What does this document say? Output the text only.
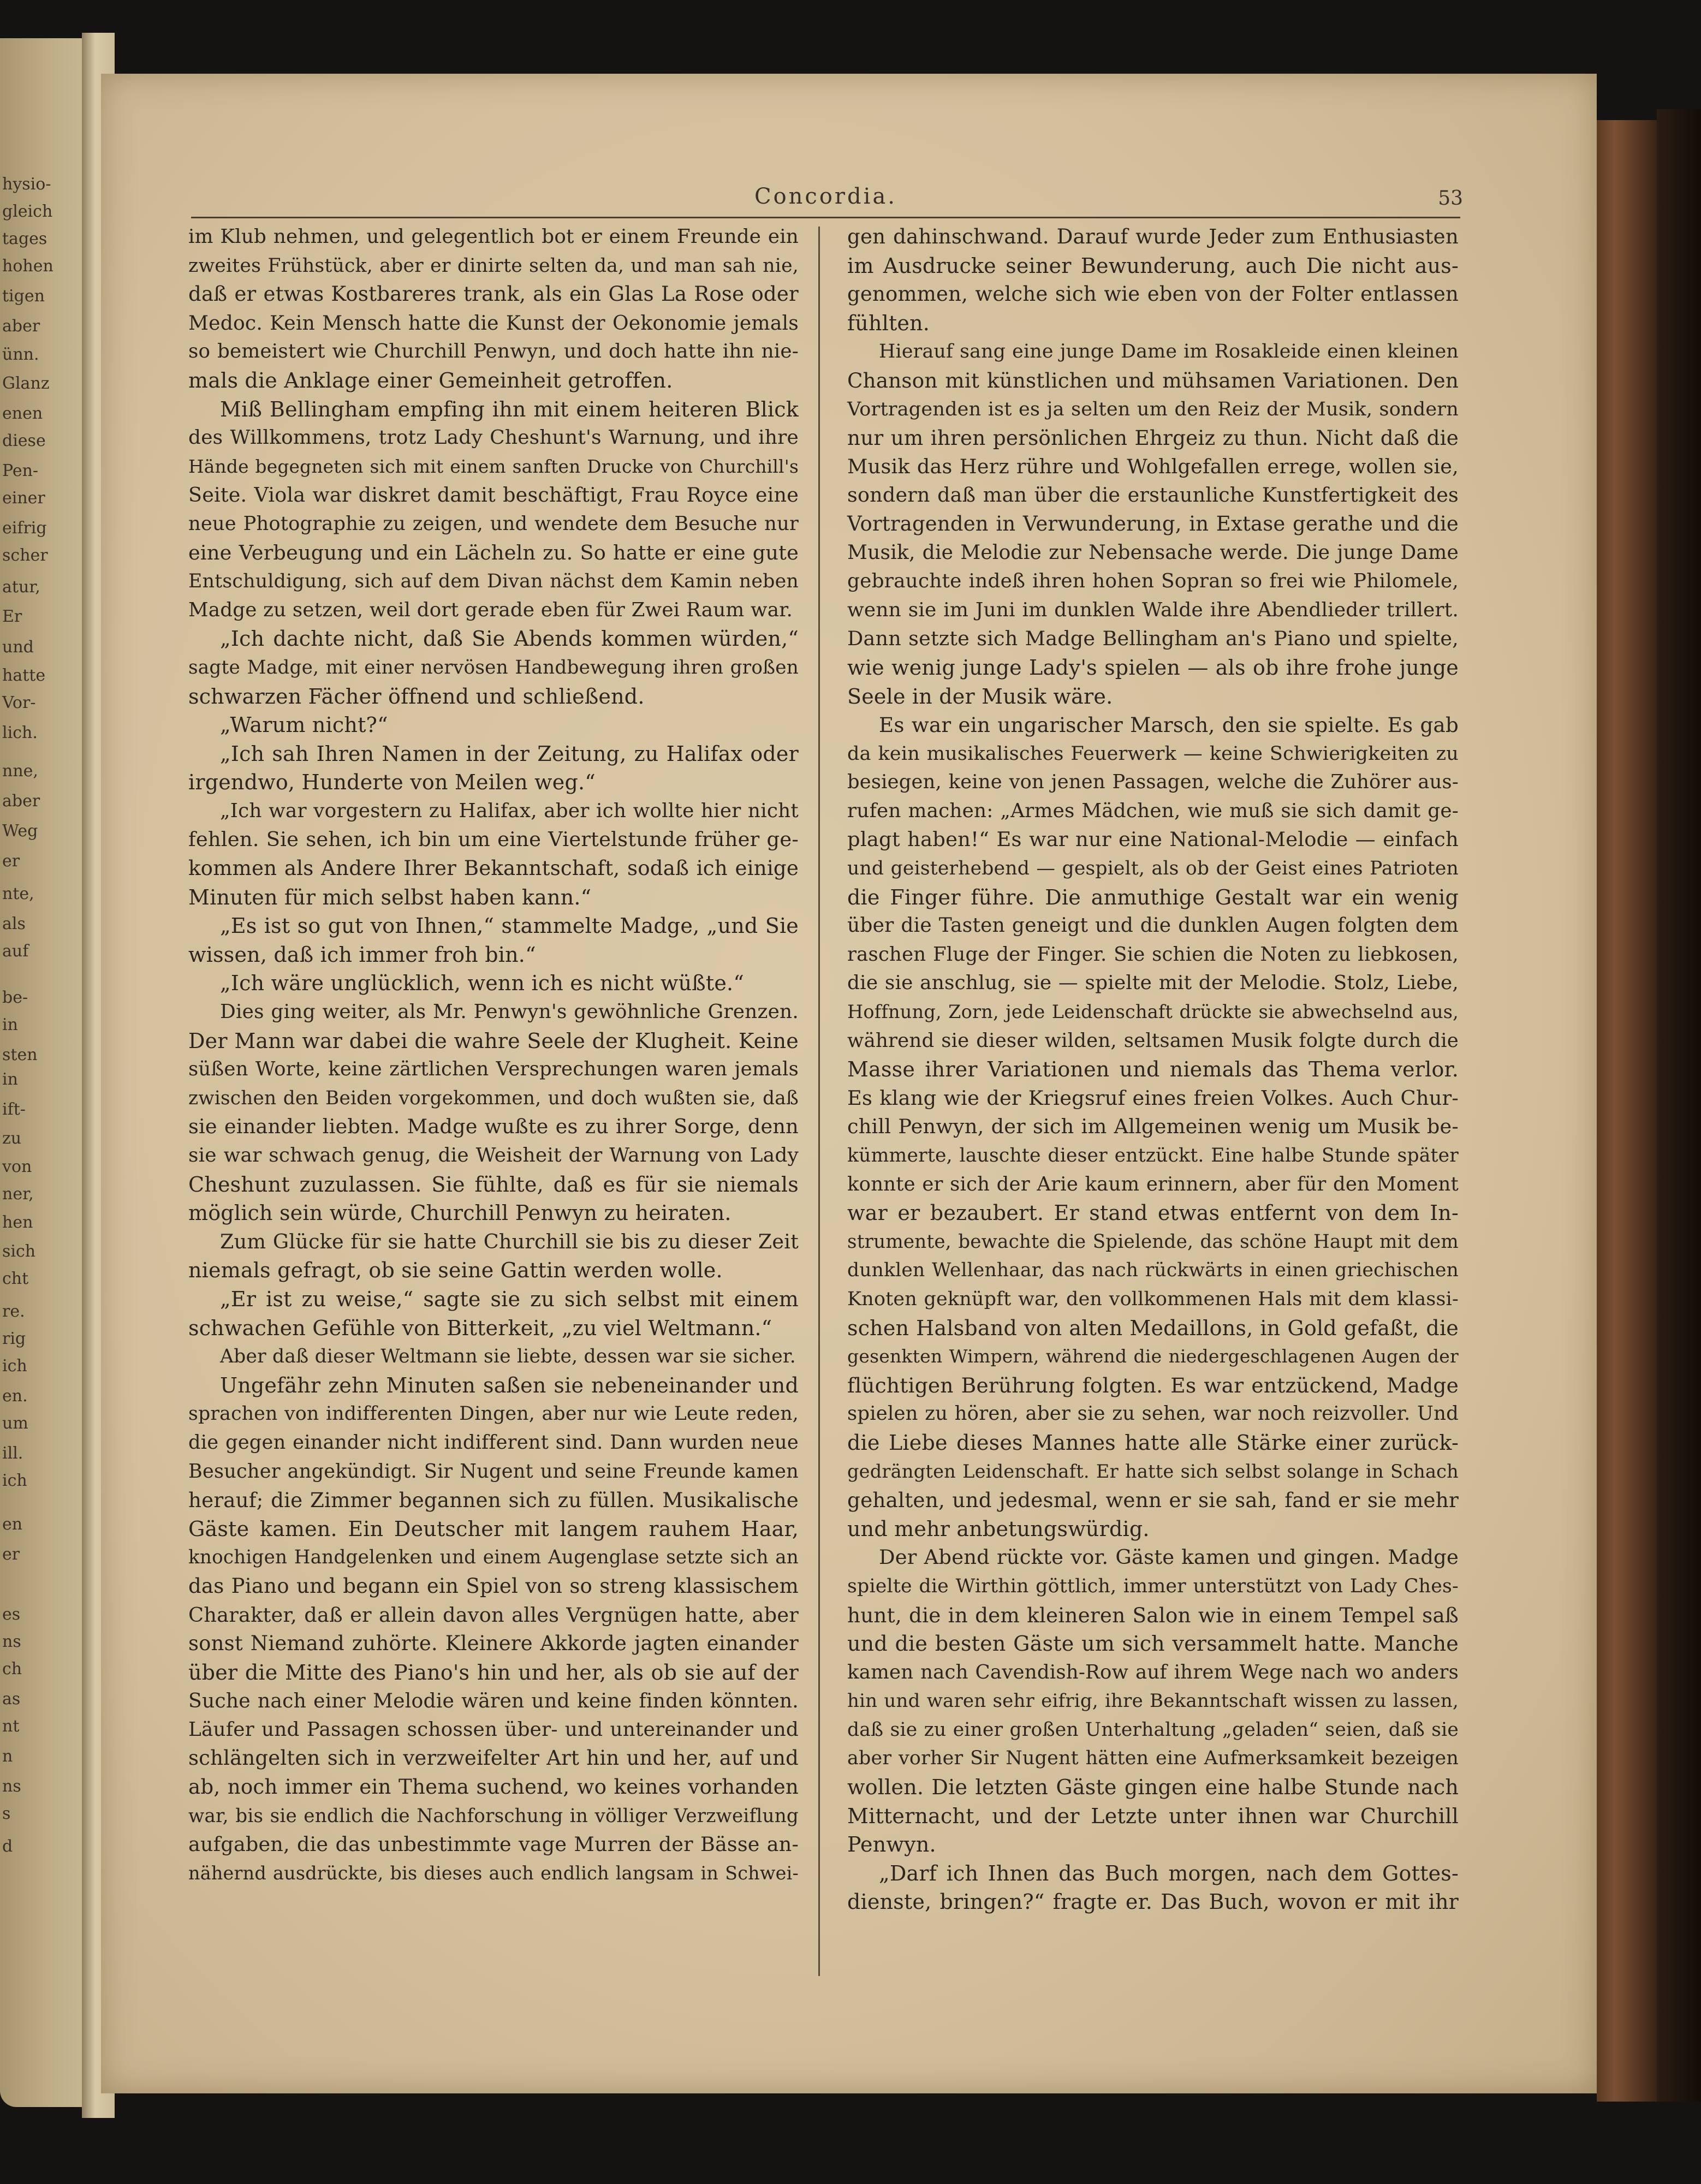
hysio-
gleich
tages
hohen
tigen
aber
ünn.
Glanz
enen
diese
Pen-
einer
eifrig
scher
atur,
Er
und
hatte
Vor-
lich.
nne,
aber
Weg
er
nte,
als
auf
be-
in
sten
in
ift-
zu
von
ner,
hen
sich
cht
re.
rig
ich
en.
um
ill.
ich
en
er
es
ns
ch
as
nt
n
ns
s
d
Concordia.	53
im Klub nehmen, und gelegentlich bot er einem Freunde ein
zweites Frühstück, aber er dinirte selten da, und man sah nie,
daß er etwas Kostbareres trank, als ein Glas La Rose oder
Medoc. Kein Mensch hatte die Kunst der Oekonomie jemals
so bemeistert wie Churchill Penwyn, und doch hatte ihn nie-
mals die Anklage einer Gemeinheit getroffen.
Miß Bellingham empfing ihn mit einem heiteren Blick
des Willkommens, trotz Lady Cheshunt's Warnung, und ihre
Hände begegneten sich mit einem sanften Drucke von Churchill's
Seite. Viola war diskret damit beschäftigt, Frau Royce eine
neue Photographie zu zeigen, und wendete dem Besuche nur
eine Verbeugung und ein Lächeln zu. So hatte er eine gute
Entschuldigung, sich auf dem Divan nächst dem Kamin neben
Madge zu setzen, weil dort gerade eben für Zwei Raum war.
„Ich dachte nicht, daß Sie Abends kommen würden,“
sagte Madge, mit einer nervösen Handbewegung ihren großen
schwarzen Fächer öffnend und schließend.
„Warum nicht?“
„Ich sah Ihren Namen in der Zeitung, zu Halifax oder
irgendwo, Hunderte von Meilen weg.“
„Ich war vorgestern zu Halifax, aber ich wollte hier nicht
fehlen. Sie sehen, ich bin um eine Viertelstunde früher ge-
kommen als Andere Ihrer Bekanntschaft, sodaß ich einige
Minuten für mich selbst haben kann.“
„Es ist so gut von Ihnen,“ stammelte Madge, „und Sie
wissen, daß ich immer froh bin.“
„Ich wäre unglücklich, wenn ich es nicht wüßte.“
Dies ging weiter, als Mr. Penwyn's gewöhnliche Grenzen.
Der Mann war dabei die wahre Seele der Klugheit. Keine
süßen Worte, keine zärtlichen Versprechungen waren jemals
zwischen den Beiden vorgekommen, und doch wußten sie, daß
sie einander liebten. Madge wußte es zu ihrer Sorge, denn
sie war schwach genug, die Weisheit der Warnung von Lady
Cheshunt zuzulassen. Sie fühlte, daß es für sie niemals
möglich sein würde, Churchill Penwyn zu heiraten.
Zum Glücke für sie hatte Churchill sie bis zu dieser Zeit
niemals gefragt, ob sie seine Gattin werden wolle.
„Er ist zu weise,“ sagte sie zu sich selbst mit einem
schwachen Gefühle von Bitterkeit, „zu viel Weltmann.“
Aber daß dieser Weltmann sie liebte, dessen war sie sicher.
Ungefähr zehn Minuten saßen sie nebeneinander und
sprachen von indifferenten Dingen, aber nur wie Leute reden,
die gegen einander nicht indifferent sind. Dann wurden neue
Besucher angekündigt. Sir Nugent und seine Freunde kamen
herauf; die Zimmer begannen sich zu füllen. Musikalische
Gäste kamen. Ein Deutscher mit langem rauhem Haar,
knochigen Handgelenken und einem Augenglase setzte sich an
das Piano und begann ein Spiel von so streng klassischem
Charakter, daß er allein davon alles Vergnügen hatte, aber
sonst Niemand zuhörte. Kleinere Akkorde jagten einander
über die Mitte des Piano's hin und her, als ob sie auf der
Suche nach einer Melodie wären und keine finden könnten.
Läufer und Passagen schossen über- und untereinander und
schlängelten sich in verzweifelter Art hin und her, auf und
ab, noch immer ein Thema suchend, wo keines vorhanden
war, bis sie endlich die Nachforschung in völliger Verzweiflung
aufgaben, die das unbestimmte vage Murren der Bässe an-
nähernd ausdrückte, bis dieses auch endlich langsam in Schwei-
gen dahinschwand. Darauf wurde Jeder zum Enthusiasten
im Ausdrucke seiner Bewunderung, auch Die nicht aus-
genommen, welche sich wie eben von der Folter entlassen
fühlten.
Hierauf sang eine junge Dame im Rosakleide einen kleinen
Chanson mit künstlichen und mühsamen Variationen. Den
Vortragenden ist es ja selten um den Reiz der Musik, sondern
nur um ihren persönlichen Ehrgeiz zu thun. Nicht daß die
Musik das Herz rühre und Wohlgefallen errege, wollen sie,
sondern daß man über die erstaunliche Kunstfertigkeit des
Vortragenden in Verwunderung, in Extase gerathe und die
Musik, die Melodie zur Nebensache werde. Die junge Dame
gebrauchte indeß ihren hohen Sopran so frei wie Philomele,
wenn sie im Juni im dunklen Walde ihre Abendlieder trillert.
Dann setzte sich Madge Bellingham an's Piano und spielte,
wie wenig junge Lady's spielen — als ob ihre frohe junge
Seele in der Musik wäre.
Es war ein ungarischer Marsch, den sie spielte. Es gab
da kein musikalisches Feuerwerk — keine Schwierigkeiten zu
besiegen, keine von jenen Passagen, welche die Zuhörer aus-
rufen machen: „Armes Mädchen, wie muß sie sich damit ge-
plagt haben!“ Es war nur eine National-Melodie — einfach
und geisterhebend — gespielt, als ob der Geist eines Patrioten
die Finger führe. Die anmuthige Gestalt war ein wenig
über die Tasten geneigt und die dunklen Augen folgten dem
raschen Fluge der Finger. Sie schien die Noten zu liebkosen,
die sie anschlug, sie — spielte mit der Melodie. Stolz, Liebe,
Hoffnung, Zorn, jede Leidenschaft drückte sie abwechselnd aus,
während sie dieser wilden, seltsamen Musik folgte durch die
Masse ihrer Variationen und niemals das Thema verlor.
Es klang wie der Kriegsruf eines freien Volkes. Auch Chur-
chill Penwyn, der sich im Allgemeinen wenig um Musik be-
kümmerte, lauschte dieser entzückt. Eine halbe Stunde später
konnte er sich der Arie kaum erinnern, aber für den Moment
war er bezaubert. Er stand etwas entfernt von dem In-
strumente, bewachte die Spielende, das schöne Haupt mit dem
dunklen Wellenhaar, das nach rückwärts in einen griechischen
Knoten geknüpft war, den vollkommenen Hals mit dem klassi-
schen Halsband von alten Medaillons, in Gold gefaßt, die
gesenkten Wimpern, während die niedergeschlagenen Augen der
flüchtigen Berührung folgten. Es war entzückend, Madge
spielen zu hören, aber sie zu sehen, war noch reizvoller. Und
die Liebe dieses Mannes hatte alle Stärke einer zurück-
gedrängten Leidenschaft. Er hatte sich selbst solange in Schach
gehalten, und jedesmal, wenn er sie sah, fand er sie mehr
und mehr anbetungswürdig.
Der Abend rückte vor. Gäste kamen und gingen. Madge
spielte die Wirthin göttlich, immer unterstützt von Lady Ches-
hunt, die in dem kleineren Salon wie in einem Tempel saß
und die besten Gäste um sich versammelt hatte. Manche
kamen nach Cavendish-Row auf ihrem Wege nach wo anders
hin und waren sehr eifrig, ihre Bekanntschaft wissen zu lassen,
daß sie zu einer großen Unterhaltung „geladen“ seien, daß sie
aber vorher Sir Nugent hätten eine Aufmerksamkeit bezeigen
wollen. Die letzten Gäste gingen eine halbe Stunde nach
Mitternacht, und der Letzte unter ihnen war Churchill
Penwyn.
„Darf ich Ihnen das Buch morgen, nach dem Gottes-
dienste, bringen?“ fragte er. Das Buch, wovon er mit ihr
